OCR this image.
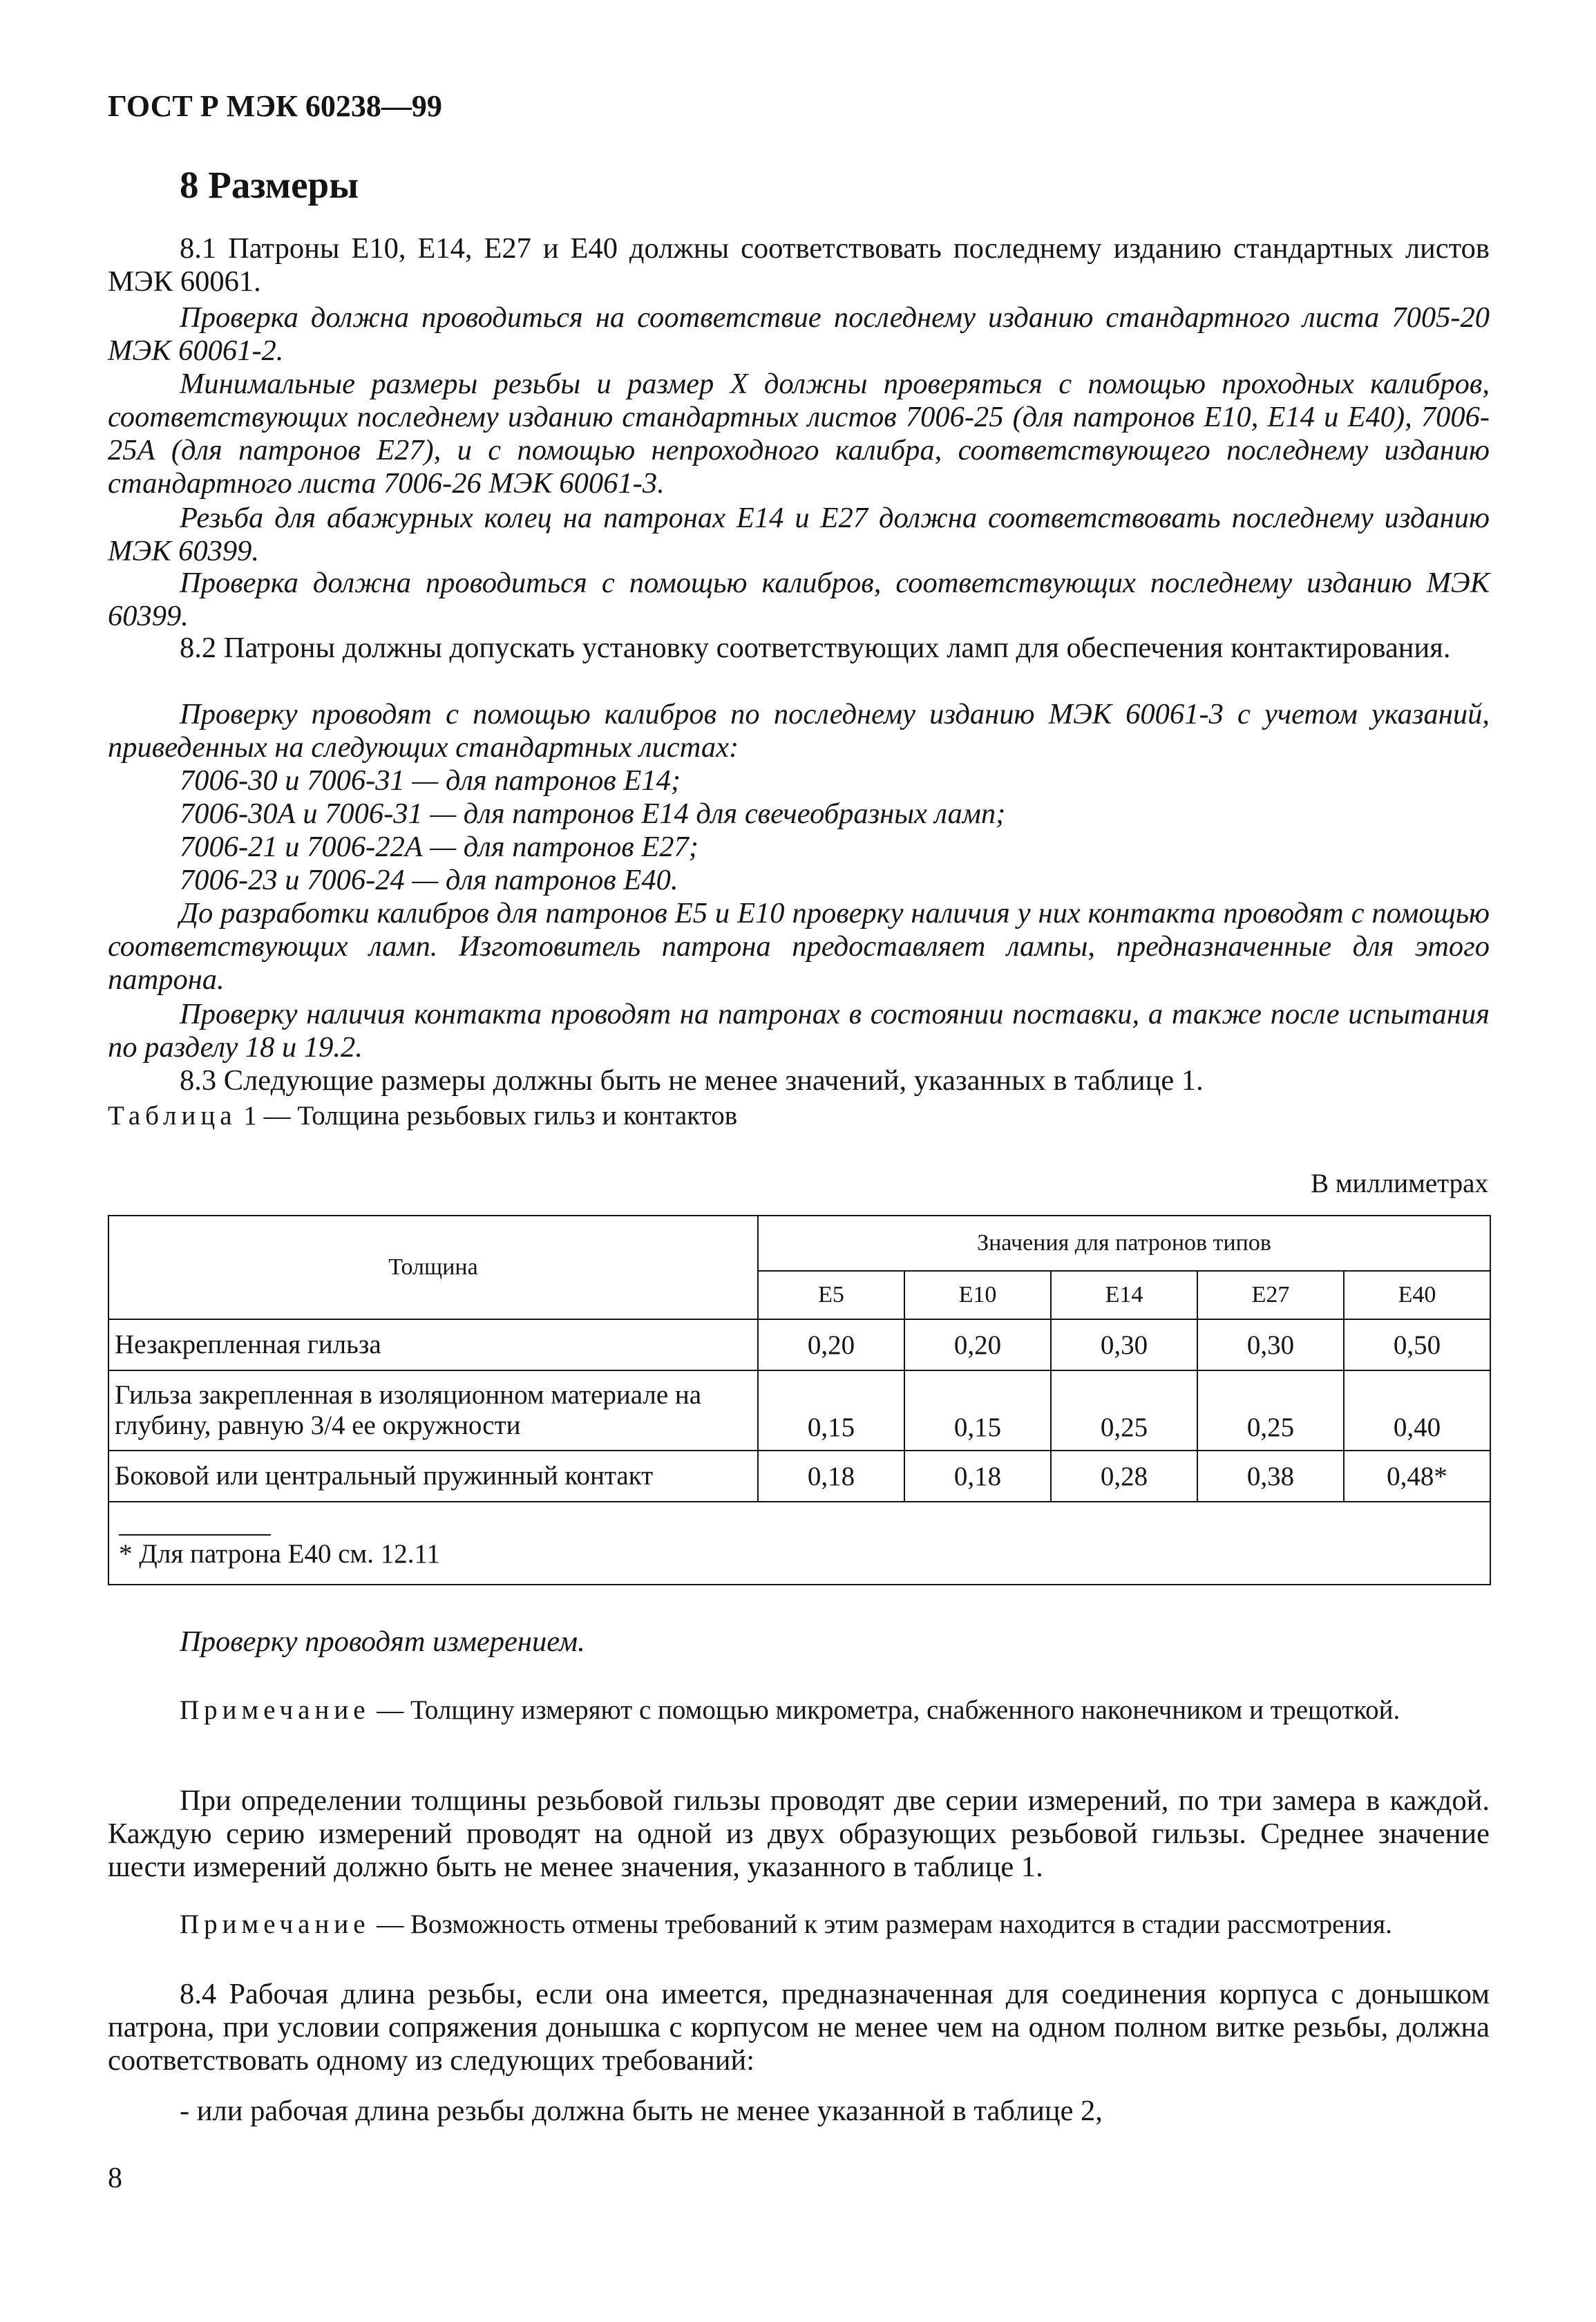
ГОСТ Р МЭК 60238—99
8 Размеры

8.1 Патроны Е10, Е14, Е27 и Е40 должны соответствовать последнему изданию стандартных листов МЭК 60061.

Проверка должна проводиться на соответствие последнему изданию стандартного листа 7005-20 МЭК 60061-2.

Минимальные размеры резьбы и размер X должны проверяться с помощью проходных калибров, соответствующих последнему изданию стандартных листов 7006-25 (для патронов Е10, Е14 и Е40), 7006-25А (для патронов Е27), и с помощью непроходного калибра, соответствующего последнему изданию стандартного листа 7006-26 МЭК 60061-3.

Резьба для абажурных колец на патронах Е14 и Е27 должна соответствовать последнему изданию МЭК 60399.

Проверка должна проводиться с помощью калибров, соответствующих последнему изданию МЭК 60399.

8.2 Патроны должны допускать установку соответствующих ламп для обеспечения контактирования.

Проверку проводят с помощью калибров по последнему изданию МЭК 60061-3 с учетом указаний, приведенных на следующих стандартных листах:

7006-30 и 7006-31 — для патронов Е14;
7006-30А и 7006-31 — для патронов Е14 для свечеобразных ламп;
7006-21 и 7006-22А — для патронов Е27;
7006-23 и 7006-24 — для патронов Е40.

До разработки калибров для патронов Е5 и Е10 проверку наличия у них контакта проводят с помощью соответствующих ламп. Изготовитель патрона предоставляет лампы, предназначенные для этого патрона.

Проверку наличия контакта проводят на патронах в состоянии поставки, а также после испытания по разделу 18 и 19.2.

8.3 Следующие размеры должны быть не менее значений, указанных в таблице 1.

Таблица 1 — Толщина резьбовых гильз и контактов
В миллиметрах
Толщина	Значения для патронов типов				
	Е5	Е10	Е14	Е27	Е40
Незакрепленная гильза	0,20	0,20	0,30	0,30	0,50
Гильза закрепленная в изоляционном материале на глубину, равную 3/4 ее окружности	0,15	0,15	0,25	0,25	0,40
Боковой или центральный пружинный контакт	0,18	0,18	0,28	0,38	0,48*

* Для патрона Е40 см. 12.11					

Проверку проводят измерением.

Примечание — Толщину измеряют с помощью микрометра, снабженного наконечником и трещоткой.

При определении толщины резьбовой гильзы проводят две серии измерений, по три замера в каждой. Каждую серию измерений проводят на одной из двух образующих резьбовой гильзы. Среднее значение шести измерений должно быть не менее значения, указанного в таблице 1.

Примечание — Возможность отмены требований к этим размерам находится в стадии рассмотрения.

8.4 Рабочая длина резьбы, если она имеется, предназначенная для соединения корпуса с донышком патрона, при условии сопряжения донышка с корпусом не менее чем на одном полном витке резьбы, должна соответствовать одному из следующих требований:

- или рабочая длина резьбы должна быть не менее указанной в таблице 2,
8
